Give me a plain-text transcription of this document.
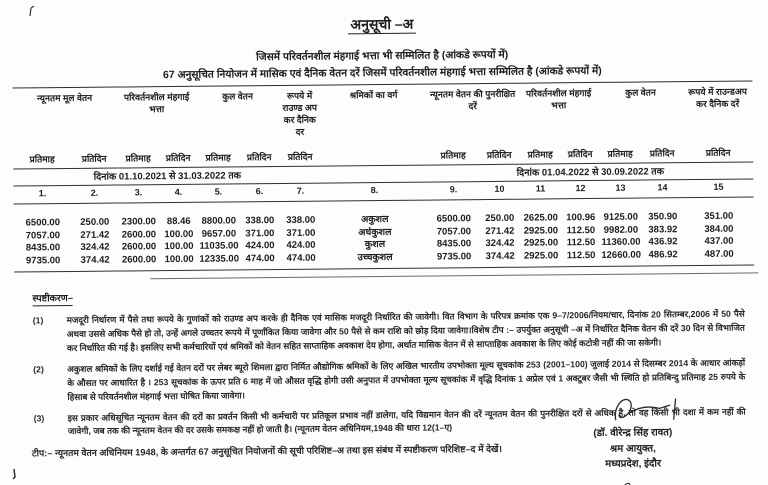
अनुसूची –अ
जिसमें परिवर्तनशील मंहगाई भत्ता भी सम्मिलित है (आंकडे रूपयों में)
67 अनुसूचित नियोजन में मासिक एवं दैनिक वेतन दरें जिसमें परिवर्तनशील मंहगाई भत्ता सम्मिलित है (आंकडे रूपयों में)
न्यूनतम मूल वेतन		परिवर्तनशील मंहगाई भत्ता		कुल वेतन		रूपये में राउण्ड अप कर दैनिक दर	श्रमिकों का वर्ग	न्यूनतम वेतन की पुनरीक्षित दरें		परिवर्तनशील मंहगाई भत्ता		कुल वेतन		रूपये में राउन्डअप कर दैनिक दरें
प्रतिमाह	प्रतिदिन	प्रतिमाह	प्रतिदिन	प्रतिमाह	प्रतिदिन	प्रतिदिन		प्रतिमाह	प्रतिदिन	प्रतिमाह	प्रतिदिन	प्रतिमाह	प्रतिदिन	प्रतिदिन
दिनांक 01.10.2021 से 31.03.2022 तक								दिनांक 01.04.2022 से 30.09.2022 तक						
1.	2.	3.	4.	5.	6.	7.	8.	9.	10	11	12	13	14	15
6500.00	250.00	2300.00	88.46	8800.00	338.00	338.00	अकुशल	6500.00	250.00	2625.00	100.96	9125.00	350.90	351.00
7057.00	271.42	2600.00	100.00	9657.00	371.00	371.00	अर्धकुशल	7057.00	271.42	2925.00	112.50	9982.00	383.92	384.00
8435.00	324.42	2600.00	100.00	11035.00	424.00	424.00	कुशल	8435.00	324.42	2925.00	112.50	11360.00	436.92	437.00
9735.00	374.42	2600.00	100.00	12335.00	474.00	474.00	उच्चकुशल	9735.00	374.42	2925.00	112.50	12660.00	486.92	487.00
स्पष्टीकरण–
(1)	मजदूरी निर्धारण में पैसे तथा रूपये के गुणांकों को राउण्ड अप करके ही दैनिक एवं मासिक मजदूरी निर्धारित की जावेगी। वित विभाग के परिपत्र क्रमांक एक 9–7/2006/नियम/चार, दिनांक 20 सितम्बर,2006 में 50 पैसे अथवा उससे अधिक पैसे हो तो, उन्हें अगले उच्चतर रूपये में पूर्णांकित किया जावेगा और 50 पैसे से कम राशि को छोड़ दिया जावेगा।विशेष टीप :– उपर्युक्त अनुसूची –अ में निर्धारित दैनिक वेतन की दरें 30 दिन से विभाजित कर निर्धारित की गई है। इसलिए सभी कर्मचारियों एवं श्रमिकों को वेतन सहित साप्ताहिक अवकाश देय होगा, अर्थात मासिक वेतन में से साप्ताहिक अवकाश के लिए कोई कटोत्री नहीं की जा सकेगी।
(2)	अकुशल श्रमिकों के लिए दर्शाई गई वेतन दरों पर लेबर ब्यूरो शिमला द्वारा निर्मित औद्योगिक श्रमिकों के लिए अखिल भारतीय उपभोक्ता मूल्य सूचकांक 253 (2001–100) जुलाई 2014 से दिसम्बर 2014 के आधार आंकड़ों के औसत पर आधारित है । 253 सूचकांक के ऊपर प्रति 6 माह में जो औसत वृद्धि होगी उसी अनुपात में उपभोक्ता मूल्य सूचकांक में वृद्धि दिनांक 1 अप्रेल एवं 1 अक्टूबर जैसी भी स्थिति हो प्रतिबिन्दु प्रतिमाह 25 रुपये के हिसाब से परिवर्तनशील मंहगाई भत्ता घोषित किया जावेगा।
(3)	इस प्रकार अधिसूचित न्यूनतम वेतन की दरों का प्रवर्तन किसी भी कर्मचारी पर प्रतिकूल प्रभाव नहीं डालेगा, यदि विद्यमान वेतन की दरें न्यूनतम वेतन की पुनरीक्षित दरों से अधिक है, तो वह किसी भी दशा में कम नहीं की जावेगी, जब तक की न्यूनतम वेतन की दर उसके समकक्ष नहीं हो जाती है। (न्यूनतम वेतन अधिनियम,1948 की धारा 12(1–ए)
टीप:– न्यूनतम वेतन अधिनियम 1948, के अन्तर्गत 67 अनुसूचित नियोजनों की सूची परिशिष्ट–अ तथा इस संबंध में स्पष्टीकरण परिशिष्ट–द में देखें।
(डॉ. वीरेन्द्र सिंह रावत)
श्रम आयुक्त,
मध्यप्रदेश, इंदौर
